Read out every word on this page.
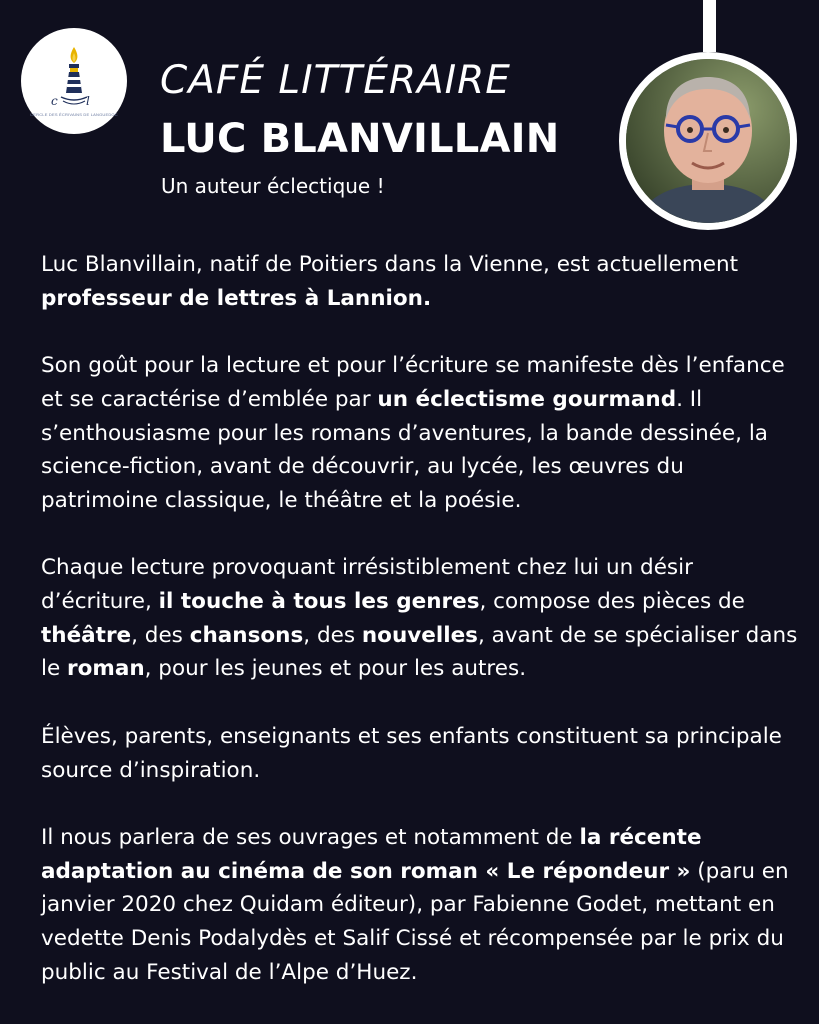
c l
CERCLE DES ÉCRIVAINS DE LANGUEDOC
CAFÉ LITTÉRAIRE
LUC BLANVILLAIN

Un auteur éclectique !

Luc Blanvillain, natif de Poitiers dans la Vienne, est actuellement professeur de lettres à Lannion.

Son goût pour la lecture et pour l’écriture se manifeste dès l’enfance et se caractérise d’emblée par un éclectisme gourmand. Il s’enthousiasme pour les romans d’aventures, la bande dessinée, la science-fiction, avant de découvrir, au lycée, les œuvres du patrimoine classique, le théâtre et la poésie.

Chaque lecture provoquant irrésistiblement chez lui un désir d’écriture, il touche à tous les genres, compose des pièces de théâtre, des chansons, des nouvelles, avant de se spécialiser dans le roman, pour les jeunes et pour les autres.

Élèves, parents, enseignants et ses enfants constituent sa principale source d’inspiration.

Il nous parlera de ses ouvrages et notamment de la récente adaptation au cinéma de son roman « Le répondeur » (paru en janvier 2020 chez Quidam éditeur), par Fabienne Godet, mettant en vedette Denis Podalydès et Salif Cissé et récompensée par le prix du public au Festival de l’Alpe d’Huez.
